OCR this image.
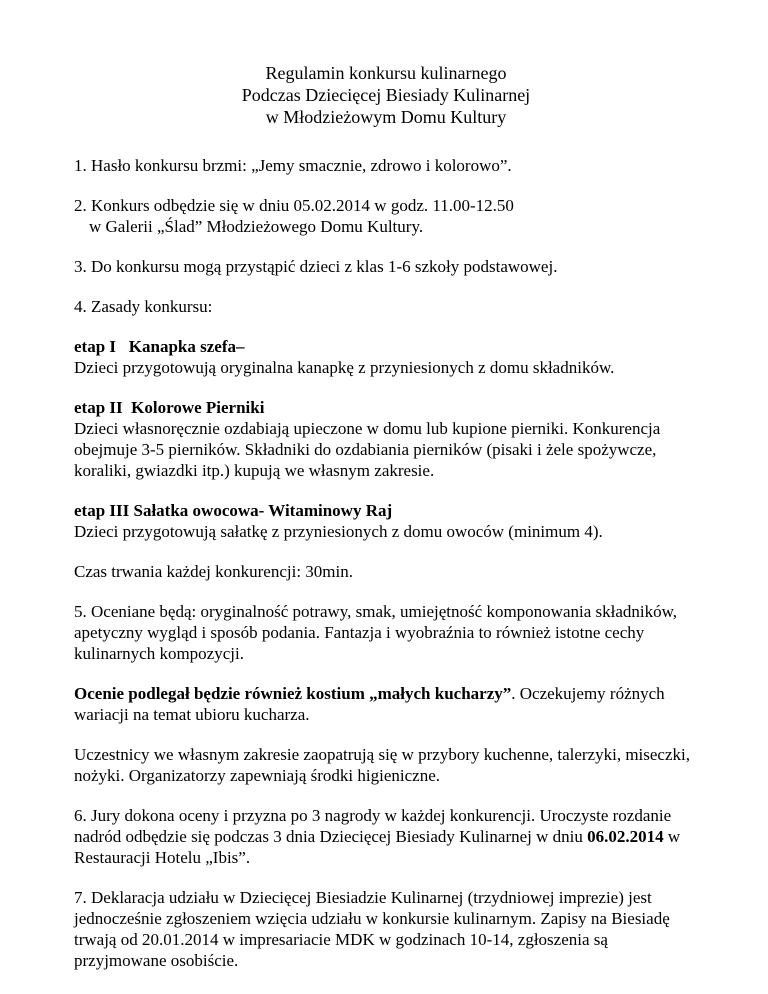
Regulamin konkursu kulinarnego
Podczas Dziecięcej Biesiady Kulinarnej
w Młodzieżowym Domu Kultury

1. Hasło konkursu brzmi: „Jemy smacznie, zdrowo i kolorowo”.

2. Konkurs odbędzie się w dniu 05.02.2014 w godz. 11.00-12.50
w Galerii „Ślad” Młodzieżowego Domu Kultury.

3. Do konkursu mogą przystąpić dzieci z klas 1-6 szkoły podstawowej.

4. Zasady konkursu:

etap I   Kanapka szefa–
Dzieci przygotowują oryginalna kanapkę z przyniesionych z domu składników.

etap II  Kolorowe Pierniki
Dzieci własnoręcznie ozdabiają upieczone w domu lub kupione pierniki. Konkurencja obejmuje 3-5 pierników. Składniki do ozdabiania pierników (pisaki i żele spożywcze, koraliki, gwiazdki itp.) kupują we własnym zakresie.

etap III Sałatka owocowa- Witaminowy Raj
Dzieci przygotowują sałatkę z przyniesionych z domu owoców (minimum 4).

Czas trwania każdej konkurencji: 30min.

5. Oceniane będą: oryginalność potrawy, smak, umiejętność komponowania składników, apetyczny wygląd i sposób podania. Fantazja i wyobraźnia to również istotne cechy kulinarnych kompozycji.

Ocenie podlegał będzie również kostium „małych kucharzy”. Oczekujemy różnych wariacji na temat ubioru kucharza.

Uczestnicy we własnym zakresie zaopatrują się w przybory kuchenne, talerzyki, miseczki, nożyki. Organizatorzy zapewniają środki higieniczne.

6. Jury dokona oceny i przyzna po 3 nagrody w każdej konkurencji. Uroczyste rozdanie nadród odbędzie się podczas 3 dnia Dziecięcej Biesiady Kulinarnej w dniu 06.02.2014 w Restauracji Hotelu „Ibis”.

7. Deklaracja udziału w Dziecięcej Biesiadzie Kulinarnej (trzydniowej imprezie) jest jednocześnie zgłoszeniem wzięcia udziału w konkursie kulinarnym. Zapisy na Biesiadę trwają od 20.01.2014 w impresariacie MDK w godzinach 10-14, zgłoszenia są przyjmowane osobiście.
